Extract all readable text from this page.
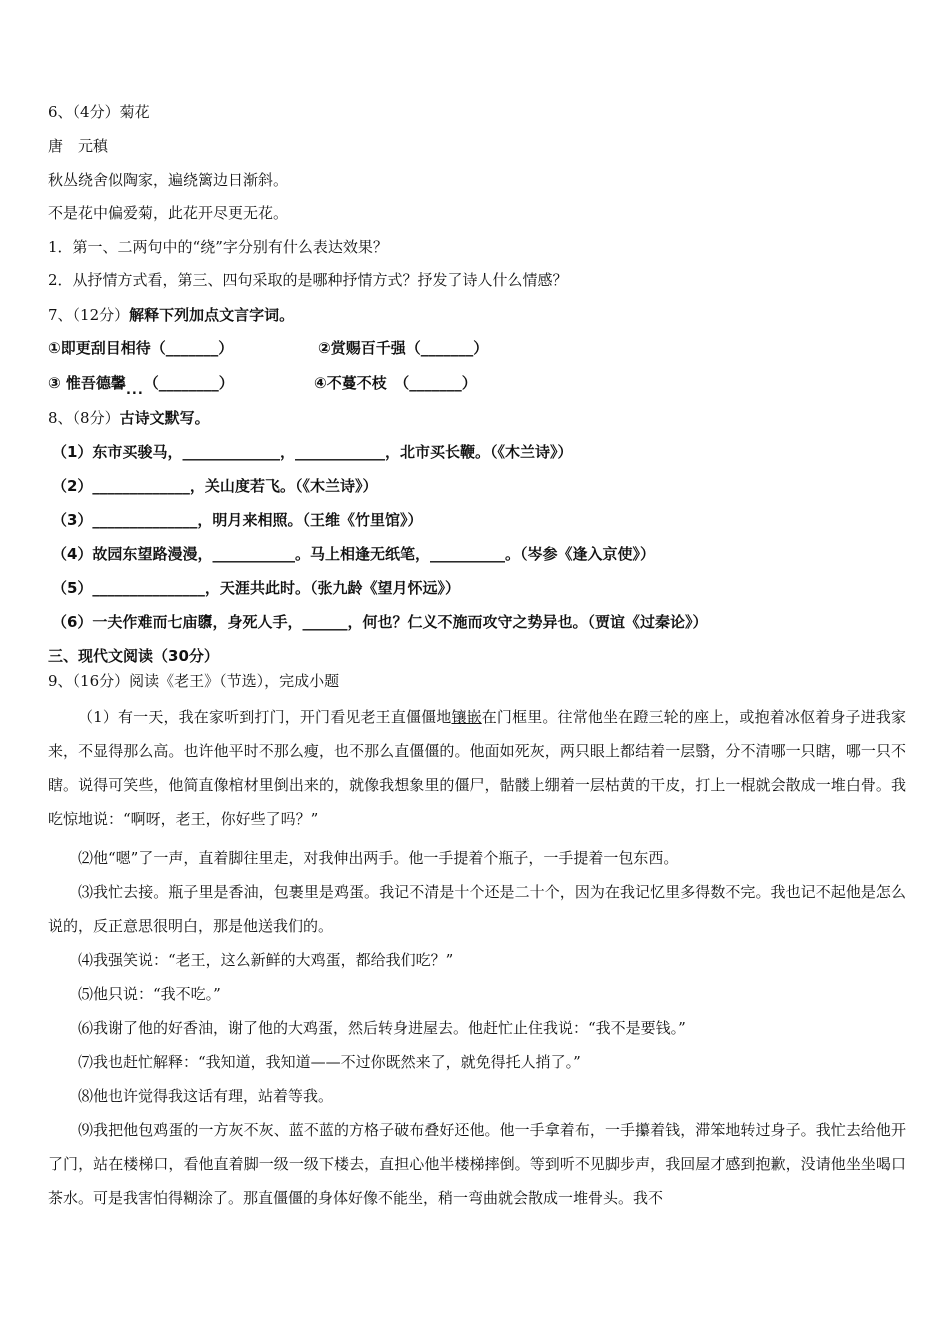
6、（4分）菊花
唐　元稹
秋丛绕舍似陶家，遍绕篱边日渐斜。
不是花中偏爱菊，此花开尽更无花。
1．第一、二两句中的“绕”字分别有什么表达效果？
2．从抒情方式看，第三、四句采取的是哪种抒情方式？抒发了诗人什么情感？
7、（12分）解释下列加点文言字词。
①即更刮目相待（_______）	②赏赐百千强（_______）
③ 惟吾德馨...（________）	④不蔓不枝　（_______）
8、（8分）古诗文默写。
（1）东市买骏马，_____________，____________，北市买长鞭。（《木兰诗》）
（2）_____________，关山度若飞。（《木兰诗》）
（3）______________，明月来相照。（王维《竹里馆》）
（4）故园东望路漫漫，___________。马上相逢无纸笔，__________。（岑参《逢入京使》）
（5）_______________，天涯共此时。（张九龄《望月怀远》）
（6）一夫作难而七庙隳，身死人手，______，何也？仁义不施而攻守之势异也。（贾谊《过秦论》）
三、现代文阅读（30分）
9、（16分）阅读《老王》（节选），完成小题
（1）有一天，我在家听到打门，开门看见老王直僵僵地镶嵌在门框里。往常他坐在蹬三轮的座上，或抱着冰伛着身子进我家来，不显得那么高。也许他平时不那么瘦，也不那么直僵僵的。他面如死灰，两只眼上都结着一层翳，分不清哪一只瞎，哪一只不瞎。说得可笑些，他简直像棺材里倒出来的，就像我想象里的僵尸，骷髅上绷着一层枯黄的干皮，打上一棍就会散成一堆白骨。我吃惊地说：“啊呀，老王，你好些了吗？”
⑵他“嗯”了一声，直着脚往里走，对我伸出两手。他一手提着个瓶子，一手提着一包东西。
⑶我忙去接。瓶子里是香油，包裹里是鸡蛋。我记不清是十个还是二十个，因为在我记忆里多得数不完。我也记不起他是怎么说的，反正意思很明白，那是他送我们的。
⑷我强笑说：“老王，这么新鲜的大鸡蛋，都给我们吃？”
⑸他只说：“我不吃。”
⑹我谢了他的好香油，谢了他的大鸡蛋，然后转身进屋去。他赶忙止住我说：“我不是要钱。”
⑺我也赶忙解释：“我知道，我知道——不过你既然来了，就免得托人捎了。”
⑻他也许觉得我这话有理，站着等我。
⑼我把他包鸡蛋的一方灰不灰、蓝不蓝的方格子破布叠好还他。他一手拿着布，一手攥着钱，滞笨地转过身子。我忙去给他开了门，站在楼梯口，看他直着脚一级一级下楼去，直担心他半楼梯摔倒。等到听不见脚步声，我回屋才感到抱歉，没请他坐坐喝口茶水。可是我害怕得糊涂了。那直僵僵的身体好像不能坐，稍一弯曲就会散成一堆骨头。我不
